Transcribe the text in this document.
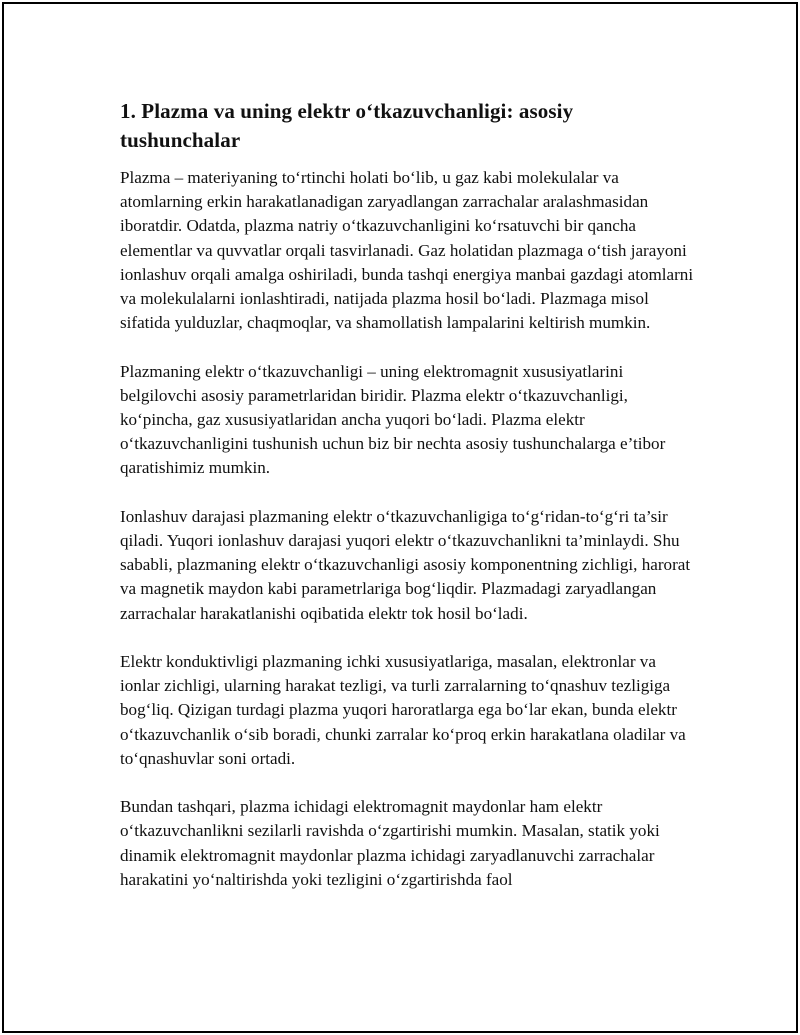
1. Plazma va uning elektr o‘tkazuvchanligi: asosiy tushunchalar

Plazma – materiyaning to‘rtinchi holati bo‘lib, u gaz kabi molekulalar va atomlarning erkin harakatlanadigan zaryadlangan zarrachalar aralashmasidan iboratdir. Odatda, plazma natriy o‘tkazuvchanligini ko‘rsatuvchi bir qancha elementlar va quvvatlar orqali tasvirlanadi. Gaz holatidan plazmaga o‘tish jarayoni ionlashuv orqali amalga oshiriladi, bunda tashqi energiya manbai gazdagi atomlarni va molekulalarni ionlashtiradi, natijada plazma hosil bo‘ladi. Plazmaga misol sifatida yulduzlar, chaqmoqlar, va shamollatish lampalarini keltirish mumkin.

Plazmaning elektr o‘tkazuvchanligi – uning elektromagnit xususiyatlarini belgilovchi asosiy parametrlaridan biridir. Plazma elektr o‘tkazuvchanligi, ko‘pincha, gaz xususiyatlaridan ancha yuqori bo‘ladi. Plazma elektr o‘tkazuvchanligini tushunish uchun biz bir nechta asosiy tushunchalarga e’tibor qaratishimiz mumkin.

Ionlashuv darajasi plazmaning elektr o‘tkazuvchanligiga to‘g‘ridan-to‘g‘ri ta’sir qiladi. Yuqori ionlashuv darajasi yuqori elektr o‘tkazuvchanlikni ta’minlaydi. Shu sababli, plazmaning elektr o‘tkazuvchanligi asosiy komponentning zichligi, harorat va magnetik maydon kabi parametrlariga bog‘liqdir. Plazmadagi zaryadlangan zarrachalar harakatlanishi oqibatida elektr tok hosil bo‘ladi.

Elektr konduktivligi plazmaning ichki xususiyatlariga, masalan, elektronlar va ionlar zichligi, ularning harakat tezligi, va turli zarralarning to‘qnashuv tezligiga bog‘liq. Qizigan turdagi plazma yuqori haroratlarga ega bo‘lar ekan, bunda elektr o‘tkazuvchanlik o‘sib boradi, chunki zarralar ko‘proq erkin harakatlana oladilar va to‘qnashuvlar soni ortadi.

Bundan tashqari, plazma ichidagi elektromagnit maydonlar ham elektr o‘tkazuvchanlikni sezilarli ravishda o‘zgartirishi mumkin. Masalan, statik yoki dinamik elektromagnit maydonlar plazma ichidagi zaryadlanuvchi zarrachalar harakatini yo‘naltirishda yoki tezligini o‘zgartirishda faol
